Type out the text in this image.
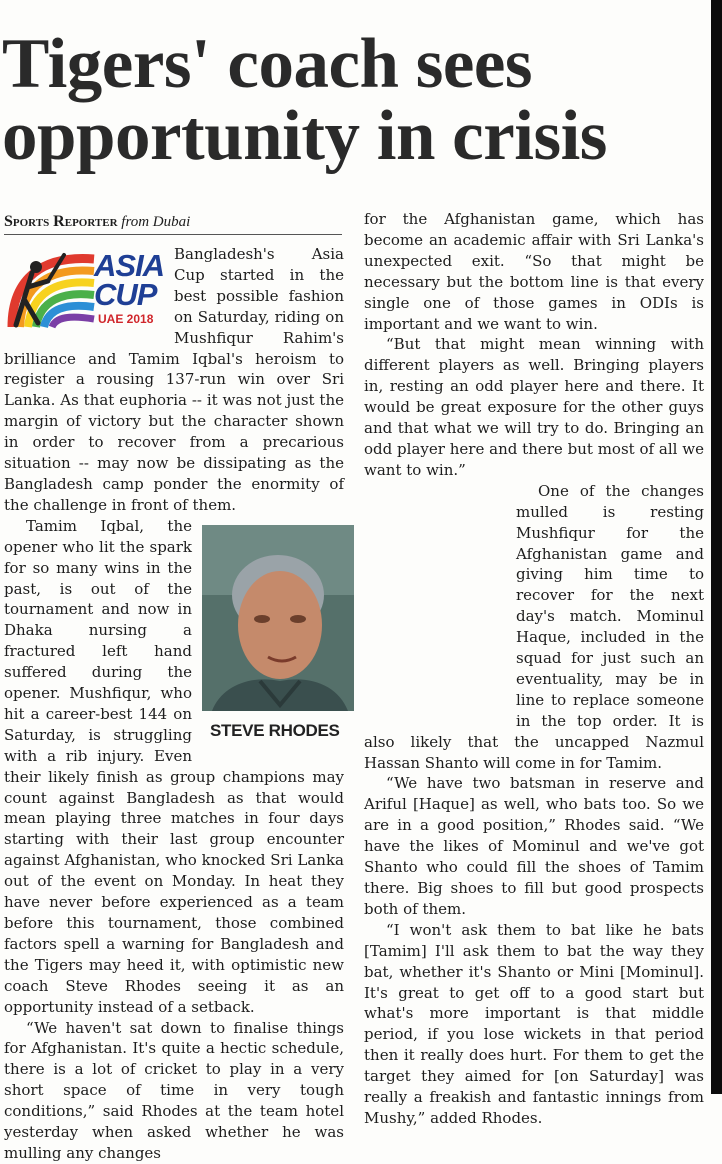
Tigers' coach sees opportunity in crisis
Sports Reporter from Dubai
ASIA
CUP
UAE 2018

Bangladesh's Asia Cup started in the best possible fashion on Saturday, riding on Mushfiqur Rahim's brilliance and Tamim Iqbal's heroism to register a rousing 137-run win over Sri Lanka. As that euphoria -- it was not just the margin of victory but the character shown in order to recover from a precarious situation -- may now be dissipating as the Bangladesh camp ponder the enormity of the challenge in front of them.

STEVE RHODES

Tamim Iqbal, the opener who lit the spark for so many wins in the past, is out of the tournament and now in Dhaka nursing a fractured left hand suffered during the opener. Mushfiqur, who hit a career-best 144 on Saturday, is struggling with a rib injury. Even their likely finish as group champions may count against Bangladesh as that would mean playing three matches in four days starting with their last group encounter against Afghanistan, who knocked Sri Lanka out of the event on Monday. In heat they have never before experienced as a team before this tournament, those combined factors spell a warning for Bangladesh and the Tigers may heed it, with optimistic new coach Steve Rhodes seeing it as an opportunity instead of a setback.

“We haven't sat down to finalise things for Afghanistan. It's quite a hectic schedule, there is a lot of cricket to play in a very short space of time in very tough conditions,” said Rhodes at the team hotel yesterday when asked whether he was mulling any changes

for the Afghanistan game, which has become an academic affair with Sri Lanka's unexpected exit. “So that might be necessary but the bottom line is that every single one of those games in ODIs is important and we want to win.

“But that might mean winning with different players as well. Bringing players in, resting an odd player here and there. It would be great exposure for the other guys and that what we will try to do. Bringing an odd player here and there but most of all we want to win.”

One of the changes mulled is resting Mushfiqur for the Afghanistan game and giving him time to recover for the next day's match. Mominul Haque, included in the squad for just such an eventuality, may be in line to replace someone in the top order. It is also likely that the uncapped Nazmul Hassan Shanto will come in for Tamim.

“We have two batsman in reserve and Ariful [Haque] as well, who bats too. So we are in a good position,” Rhodes said. “We have the likes of Mominul and we've got Shanto who could fill the shoes of Tamim there. Big shoes to fill but good prospects both of them.

“I won't ask them to bat like he bats [Tamim] I'll ask them to bat the way they bat, whether it's Shanto or Mini [Mominul]. It's great to get off to a good start but what's more important is that middle period, if you lose wickets in that period then it really does hurt. For them to get the target they aimed for [on Saturday] was really a freakish and fantastic innings from Mushy,” added Rhodes.
